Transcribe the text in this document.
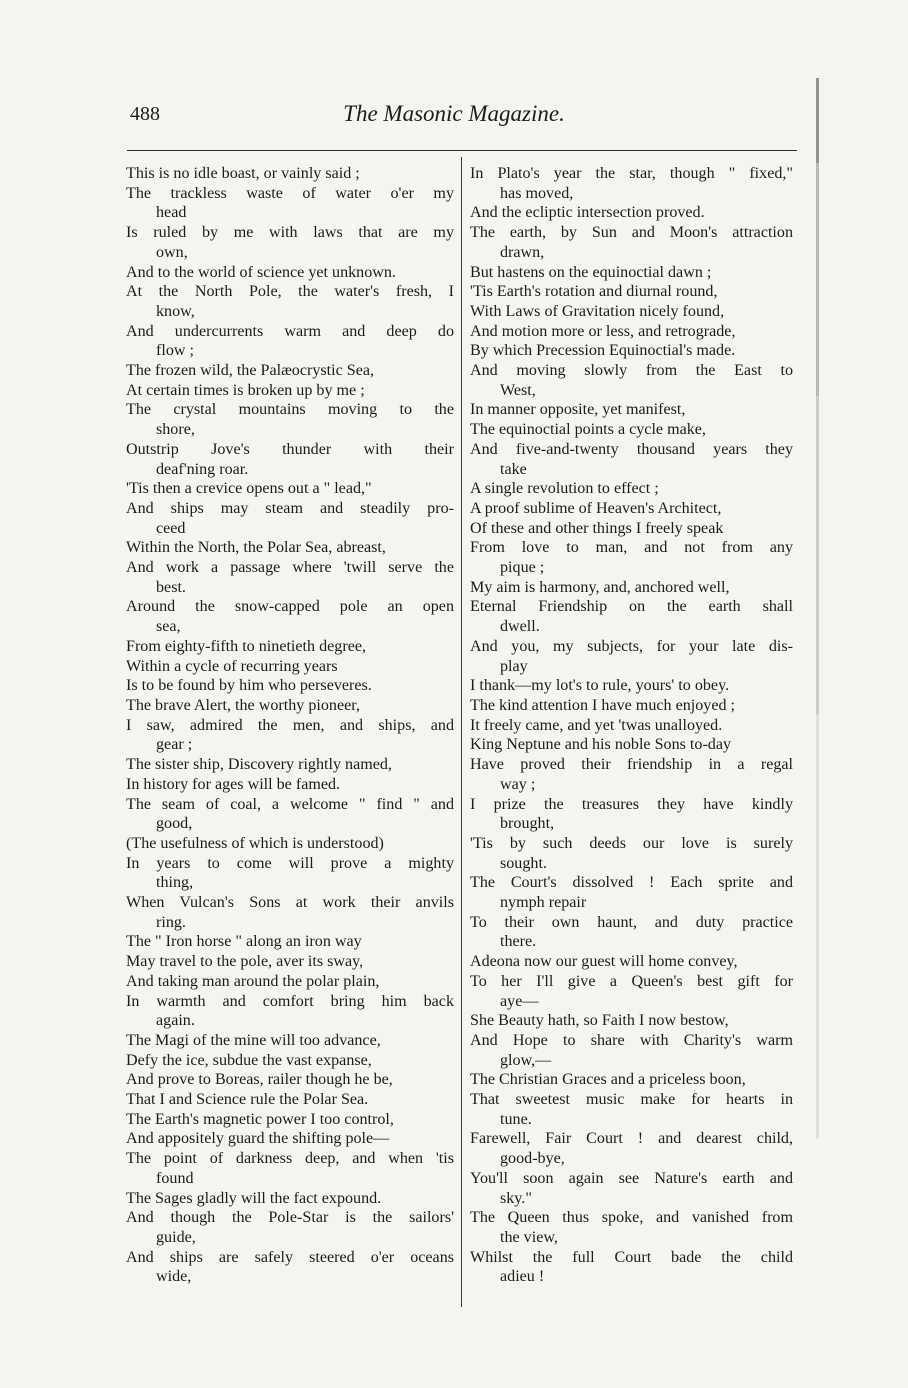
488	The Masonic Magazine.
This is no idle boast, or vainly said ;
The trackless waste of water o'er my
head
Is ruled by me with laws that are my
own,
And to the world of science yet unknown.
At the North Pole, the water's fresh, I
know,
And undercurrents warm and deep do
flow ;
The frozen wild, the Palæocrystic Sea,
At certain times is broken up by me ;
The crystal mountains moving to the
shore,
Outstrip Jove's thunder with their
deaf'ning roar.
'Tis then a crevice opens out a " lead,"
And ships may steam and steadily pro-
ceed
Within the North, the Polar Sea, abreast,
And work a passage where 'twill serve the
best.
Around the snow-capped pole an open
sea,
From eighty-fifth to ninetieth degree,
Within a cycle of recurring years
Is to be found by him who perseveres.
The brave Alert, the worthy pioneer,
I saw, admired the men, and ships, and
gear ;
The sister ship, Discovery rightly named,
In history for ages will be famed.
The seam of coal, a welcome " find " and
good,
(The usefulness of which is understood)
In years to come will prove a mighty
thing,
When Vulcan's Sons at work their anvils
ring.
The " Iron horse " along an iron way
May travel to the pole, aver its sway,
And taking man around the polar plain,
In warmth and comfort bring him back
again.
The Magi of the mine will too advance,
Defy the ice, subdue the vast expanse,
And prove to Boreas, railer though he be,
That I and Science rule the Polar Sea.
The Earth's magnetic power I too control,
And appositely guard the shifting pole—
The point of darkness deep, and when 'tis
found
The Sages gladly will the fact expound.
And though the Pole-Star is the sailors'
guide,
And ships are safely steered o'er oceans
wide,
In Plato's year the star, though " fixed,"
has moved,
And the ecliptic intersection proved.
The earth, by Sun and Moon's attraction
drawn,
But hastens on the equinoctial dawn ;
'Tis Earth's rotation and diurnal round,
With Laws of Gravitation nicely found,
And motion more or less, and retrograde,
By which Precession Equinoctial's made.
And moving slowly from the East to
West,
In manner opposite, yet manifest,
The equinoctial points a cycle make,
And five-and-twenty thousand years they
take
A single revolution to effect ;
A proof sublime of Heaven's Architect,
Of these and other things I freely speak
From love to man, and not from any
pique ;
My aim is harmony, and, anchored well,
Eternal Friendship on the earth shall
dwell.
And you, my subjects, for your late dis-
play
I thank—my lot's to rule, yours' to obey.
The kind attention I have much enjoyed ;
It freely came, and yet 'twas unalloyed.
King Neptune and his noble Sons to-day
Have proved their friendship in a regal
way ;
I prize the treasures they have kindly
brought,
'Tis by such deeds our love is surely
sought.
The Court's dissolved ! Each sprite and
nymph repair
To their own haunt, and duty practice
there.
Adeona now our guest will home convey,
To her I'll give a Queen's best gift for
aye—
She Beauty hath, so Faith I now bestow,
And Hope to share with Charity's warm
glow,—
The Christian Graces and a priceless boon,
That sweetest music make for hearts in
tune.
Farewell, Fair Court ! and dearest child,
good-bye,
You'll soon again see Nature's earth and
sky."
The Queen thus spoke, and vanished from
the view,
Whilst the full Court bade the child
adieu !
